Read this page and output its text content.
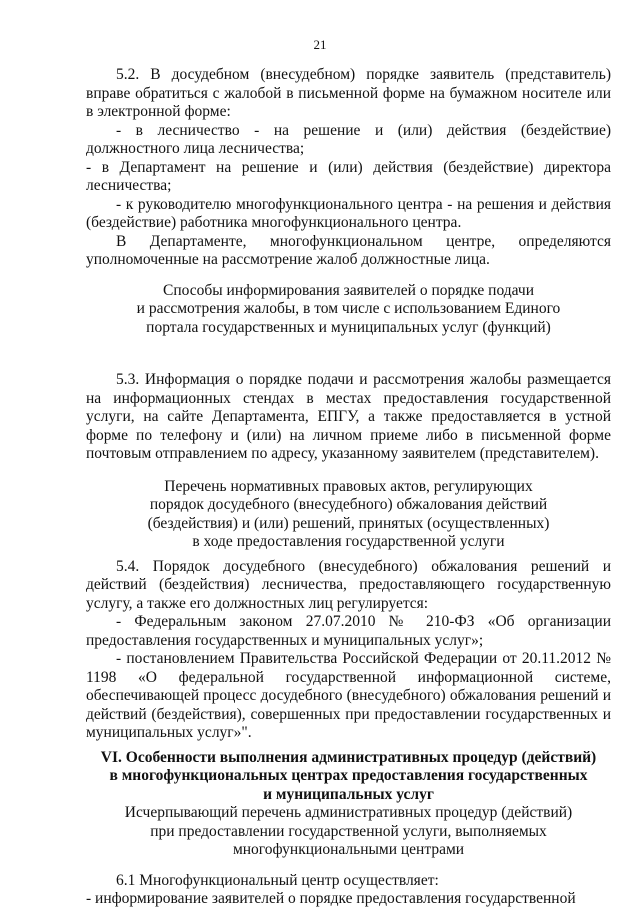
21

5.2. В досудебном (внесудебном) порядке заявитель (представитель) вправе обратиться с жалобой в письменной форме на бумажном носителе или в электронной форме:

- в лесничество - на решение и (или) действия (бездействие) должностного лица лесничества;

- в Департамент на решение и (или) действия (бездействие) директора лесничества;

- к руководителю многофункционального центра - на решения и действия (бездействие) работника многофункционального центра.

В Департаменте, многофункциональном центре, определяются уполномоченные на рассмотрение жалоб должностные лица.

Способы информирования заявителей о порядке подачи
и рассмотрения жалобы, в том числе с использованием Единого
портала государственных и муниципальных услуг (функций)

5.3. Информация о порядке подачи и рассмотрения жалобы размещается на информационных стендах в местах предоставления государственной услуги, на сайте Департамента, ЕПГУ, а также предоставляется в устной форме по телефону и (или) на личном приеме либо в письменной форме почтовым отправлением по адресу, указанному заявителем (представителем).

Перечень нормативных правовых актов, регулирующих
порядок досудебного (внесудебного) обжалования действий
(бездействия) и (или) решений, принятых (осуществленных)
в ходе предоставления государственной услуги

5.4. Порядок досудебного (внесудебного) обжалования решений и действий (бездействия) лесничества, предоставляющего государственную услугу, а также его должностных лиц регулируется:

- Федеральным законом 27.07.2010 № 210-ФЗ «Об организации предоставления государственных и муниципальных услуг»;

- постановлением Правительства Российской Федерации от 20.11.2012 № 1198 «О федеральной государственной информационной системе, обеспечивающей процесс досудебного (внесудебного) обжалования решений и действий (бездействия), совершенных при предоставлении государственных и муниципальных услуг»".

VI. Особенности выполнения административных процедур (действий)
в многофункциональных центрах предоставления государственных
и муниципальных услуг
Исчерпывающий перечень административных процедур (действий)
при предоставлении государственной услуги, выполняемых
многофункциональными центрами

6.1 Многофункциональный центр осуществляет:

- информирование заявителей о порядке предоставления государственной
